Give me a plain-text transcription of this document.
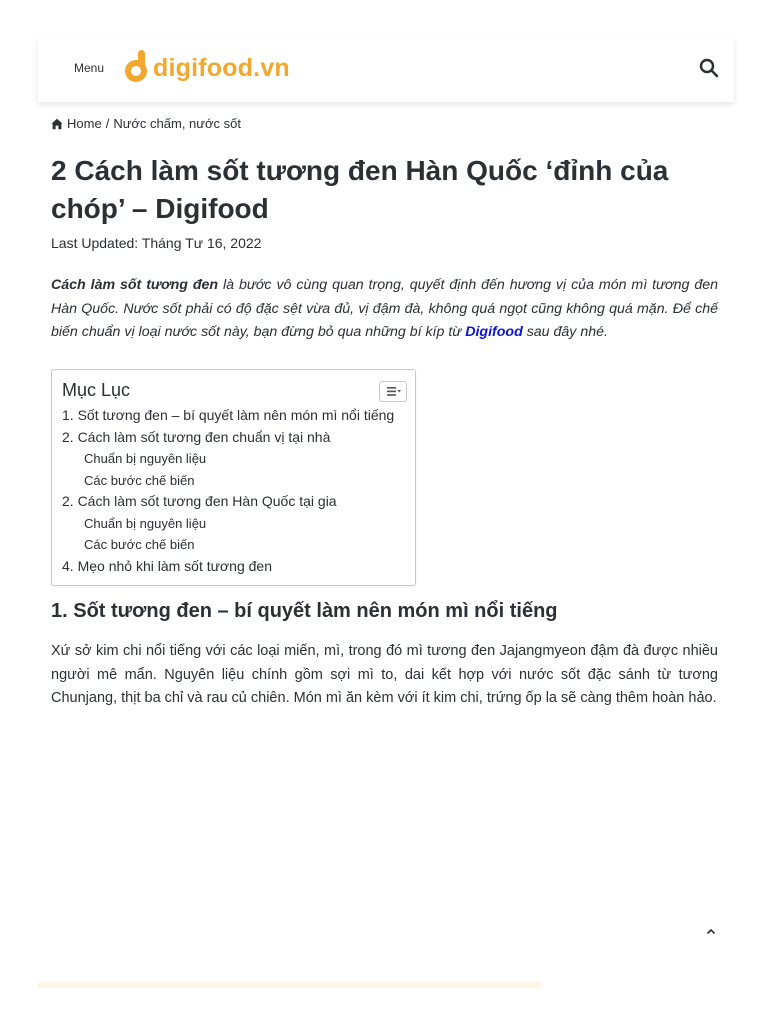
Menu digifood.vn
Home / Nước chấm, nước sốt
2 Cách làm sốt tương đen Hàn Quốc ‘đỉnh của chóp’ – Digifood
Last Updated: Tháng Tư 16, 2022

Cách làm sốt tương đen là bước vô cùng quan trọng, quyết định đến hương vị của món mì tương đen Hàn Quốc. Nước sốt phải có độ đặc sệt vừa đủ, vị đậm đà, không quá ngọt cũng không quá mặn. Để chế biến chuẩn vị loại nước sốt này, bạn đừng bỏ qua những bí kíp từ Digifood sau đây nhé.

Mục Lục
1. Sốt tương đen – bí quyết làm nên món mì nổi tiếng
2. Cách làm sốt tương đen chuẩn vị tại nhà
Chuẩn bị nguyên liệu
Các bước chế biến
2. Cách làm sốt tương đen Hàn Quốc tại gia
Chuẩn bị nguyên liệu
Các bước chế biến
4. Mẹo nhỏ khi làm sốt tương đen
1. Sốt tương đen – bí quyết làm nên món mì nổi tiếng

Xứ sở kim chi nổi tiếng với các loại miến, mì, trong đó mì tương đen Jajangmyeon đậm đà được nhiều người mê mẩn. Nguyên liệu chính gồm sợi mì to, dai kết hợp với nước sốt đặc sánh từ tương Chunjang, thịt ba chỉ và rau củ chiên. Món mì ăn kèm với ít kim chi, trứng ốp la sẽ càng thêm hoàn hảo.
